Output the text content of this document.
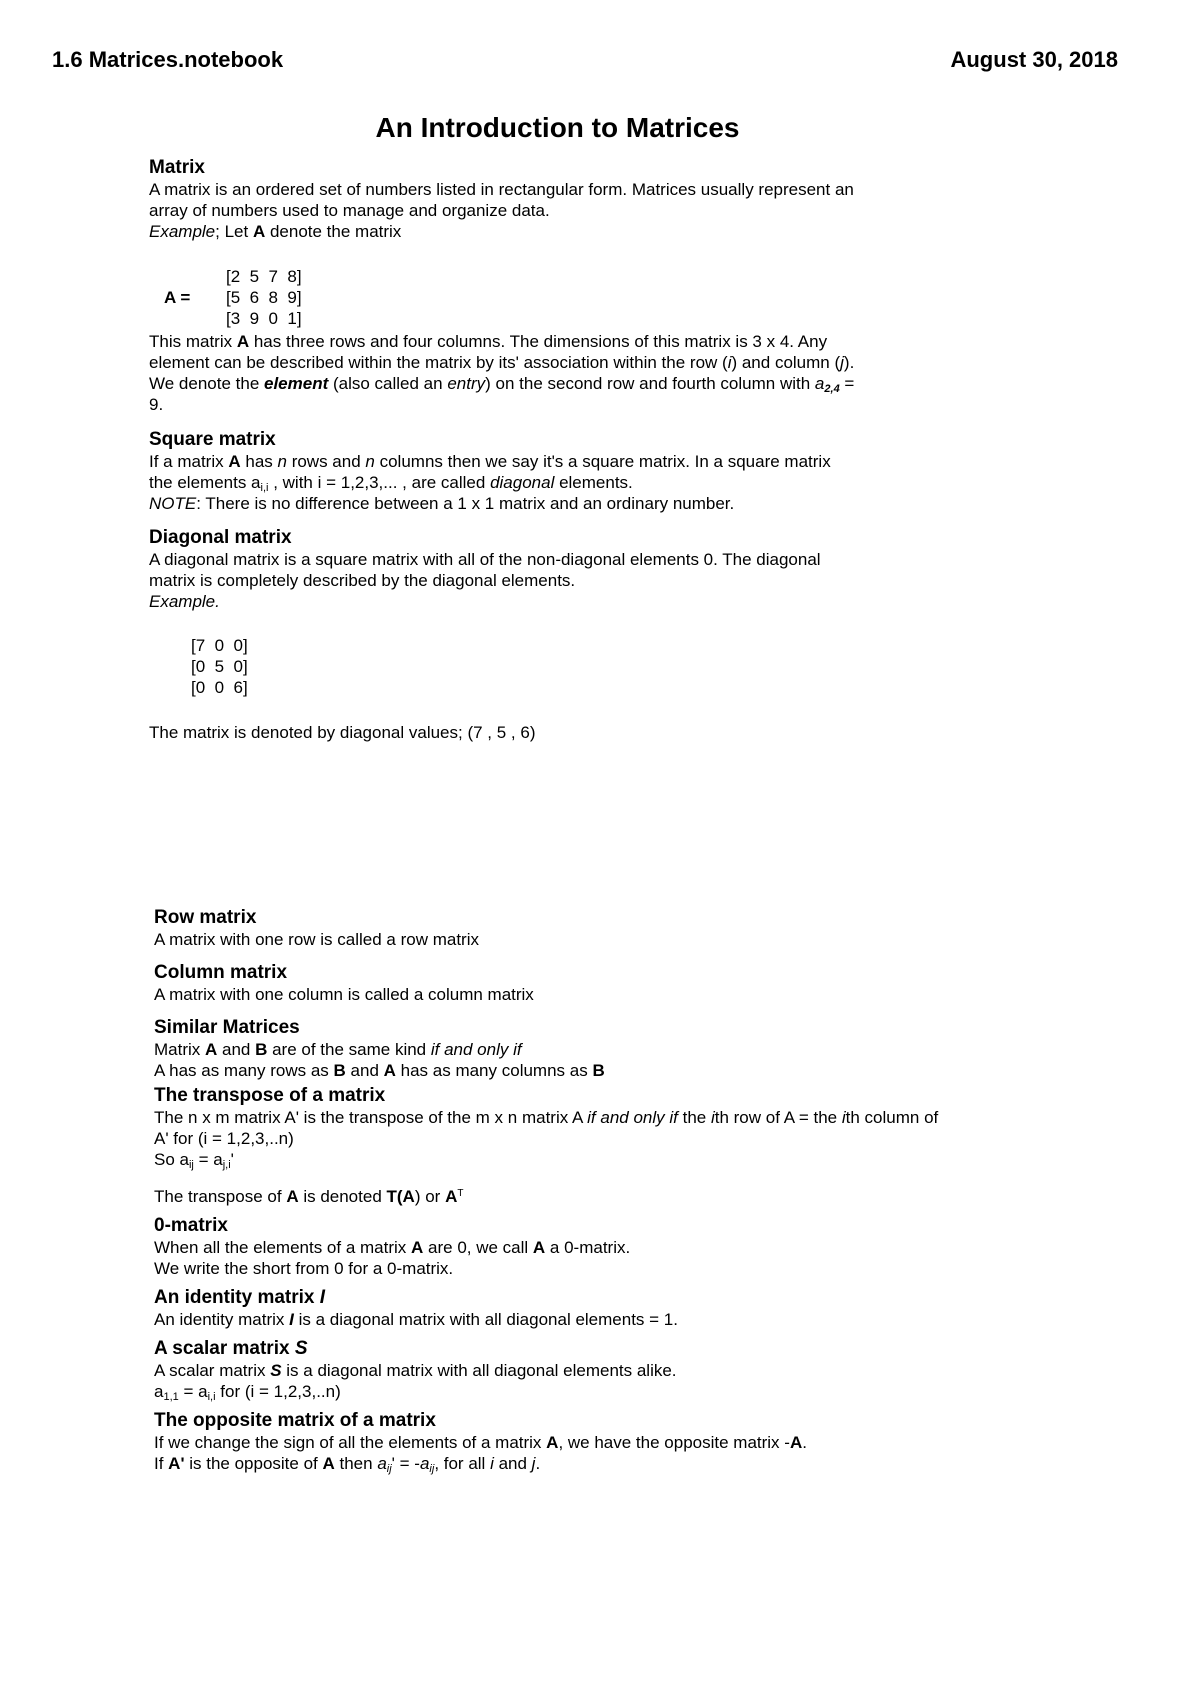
1.6 Matrices.notebook	August 30, 2018
An Introduction to Matrices
Matrix
A matrix is an ordered set of numbers listed in rectangular form. Matrices usually represent an
array of numbers used to manage and organize data.
Example; Let A denote the matrix
A =
[2  5  7  8]
[5  6  8  9]
[3  9  0  1]
This matrix A has three rows and four columns. The dimensions of this matrix is 3 x 4. Any
element can be described within the matrix by its' association within the row (i) and column (j).
We denote the element (also called an entry) on the second row and fourth column with $a_{2,4}$ =
9.
Square matrix
If a matrix A has n rows and n columns then we say it's a square matrix. In a square matrix
the elements $a_{i,i}$ , with i = 1,2,3,... , are called diagonal elements.
NOTE: There is no difference between a 1 x 1 matrix and an ordinary number.
Diagonal matrix
A diagonal matrix is a square matrix with all of the non-diagonal elements 0. The diagonal
matrix is completely described by the diagonal elements.
Example.
[7  0  0]
[0  5  0]
[0  0  6]
The matrix is denoted by diagonal values; (7 , 5 , 6)
Row matrix
A matrix with one row is called a row matrix
Column matrix
A matrix with one column is called a column matrix
Similar Matrices
Matrix A and B are of the same kind if and only if
A has as many rows as B and A has as many columns as B
The transpose of a matrix
The n x m matrix A' is the transpose of the m x n matrix A if and only if the ith row of A = the ith column of
A' for (i = 1,2,3,..n)
So $a_{ij} = a_{j,i}'$
The transpose of A is denoted T(A) or $A^T$
0-matrix
When all the elements of a matrix A are 0, we call A a 0-matrix.
We write the short from 0 for a 0-matrix.
An identity matrix I
An identity matrix I is a diagonal matrix with all diagonal elements = 1.
A scalar matrix S
A scalar matrix S is a diagonal matrix with all diagonal elements alike.
$a_{1,1} = a_{i,i}$ for (i = 1,2,3,..n)
The opposite matrix of a matrix
If we change the sign of all the elements of a matrix A, we have the opposite matrix -A.
If A' is the opposite of A then $a_{ij}' = -a_{ij}$, for all i and j.
